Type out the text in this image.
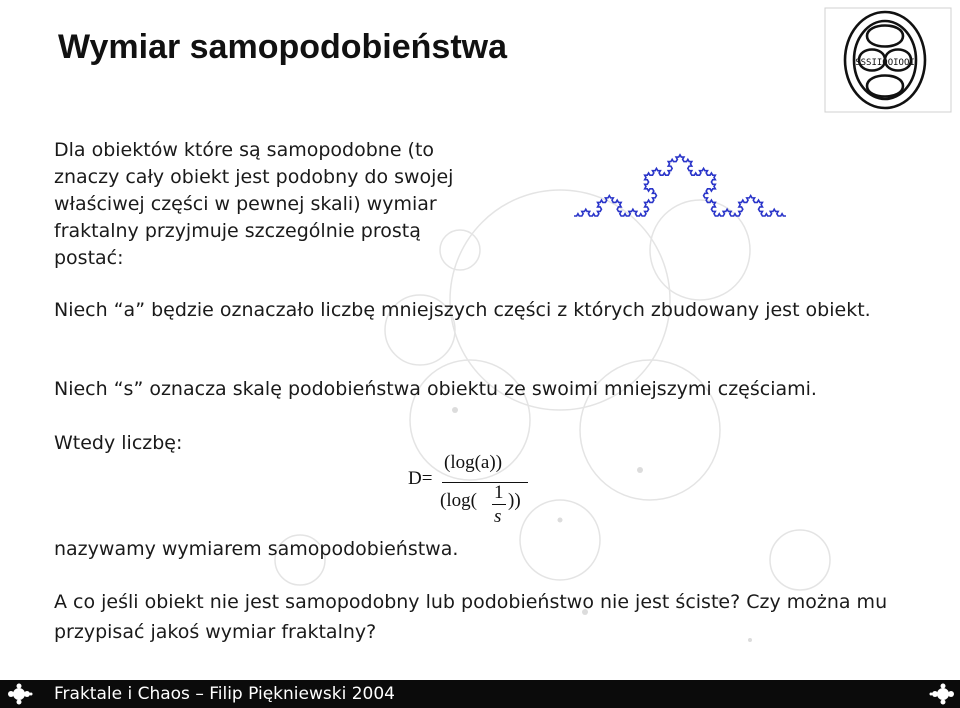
Wymiar samopodobieństwa	SSSIIOOIOOI

Dla obiektów które są samopodobne (to znaczy cały obiekt jest podobny do swojej właściwej części w pewnej skali) wymiar fraktalny przyjmuje szczególnie prostą postać:

Niech “a” będzie oznaczało liczbę mniejszych części z których zbudowany jest obiekt.

Niech “s” oznacza skalę podobieństwa obiektu ze swoimi mniejszymi częściami.

Wtedy liczbę:

D=
(log(a))
(log( 1
s
))

nazywamy wymiarem samopodobieństwa.

A co jeśli obiekt nie jest samopodobny lub podobieństwo nie jest ściste? Czy można mu przypisać jakoś wymiar fraktalny?

Fraktale i Chaos – Filip Piękniewski 2004
